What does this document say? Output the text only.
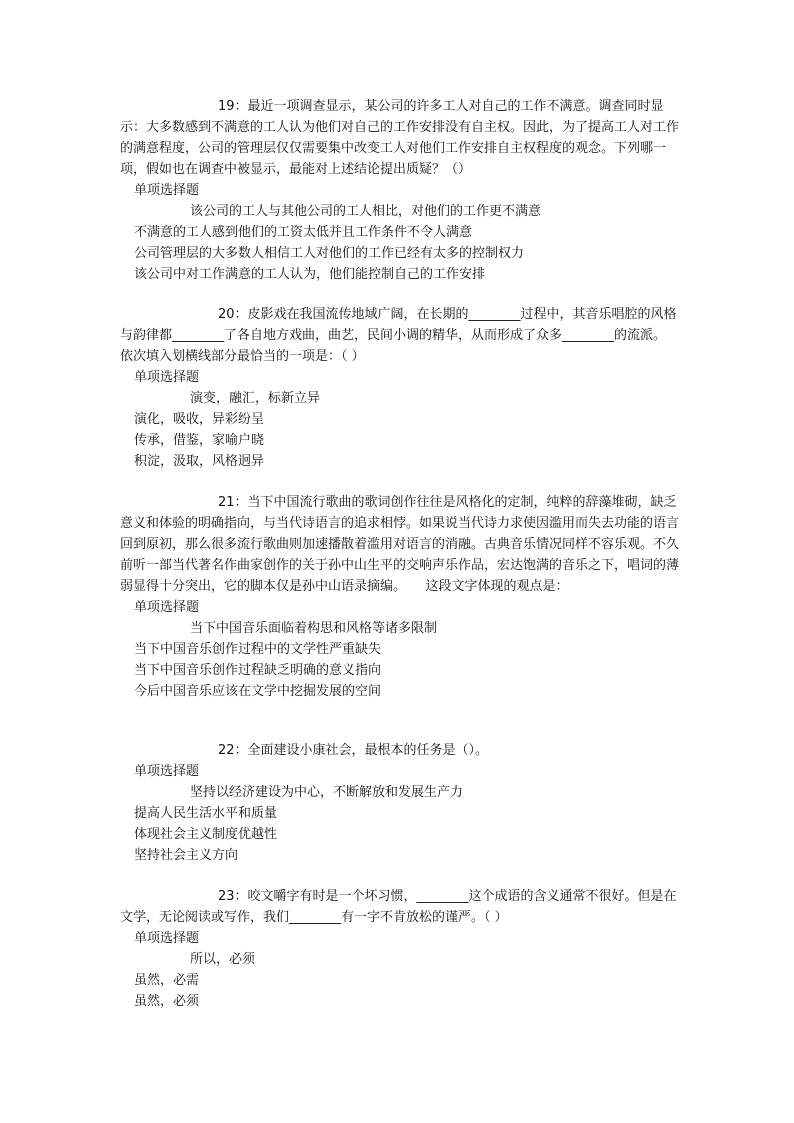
19：最近一项调查显示，某公司的许多工人对自己的工作不满意。调查同时显示：大多数感到不满意的工人认为他们对自己的工作安排没有自主权。因此，为了提高工人对工作的满意程度，公司的管理层仅仅需要集中改变工人对他们工作安排自主权程度的观念。下列哪一项，假如也在调查中被显示，最能对上述结论提出质疑？（）

单项选择题

该公司的工人与其他公司的工人相比，对他们的工作更不满意

不满意的工人感到他们的工资太低并且工作条件不令人满意

公司管理层的大多数人相信工人对他们的工作已经有太多的控制权力

该公司中对工作满意的工人认为，他们能控制自己的工作安排

20：皮影戏在我国流传地域广阔，在长期的________过程中，其音乐唱腔的风格与韵律都________了各自地方戏曲，曲艺，民间小调的精华，从而形成了众多________的流派。　　依次填入划横线部分最恰当的一项是：（ ）

单项选择题

演变，融汇，标新立异

演化，吸收，异彩纷呈

传承，借鉴，家喻户晓

积淀，汲取，风格迥异

21：当下中国流行歌曲的歌词创作往往是风格化的定制，纯粹的辞藻堆砌，缺乏意义和体验的明确指向，与当代诗语言的追求相悖。如果说当代诗力求使因滥用而失去功能的语言回到原初，那么很多流行歌曲则加速播散着滥用对语言的消融。古典音乐情况同样不容乐观。不久前听一部当代著名作曲家创作的关于孙中山生平的交响声乐作品，宏达饱满的音乐之下，唱词的薄弱显得十分突出，它的脚本仅是孙中山语录摘编。　　这段文字体现的观点是：

单项选择题

当下中国音乐面临着构思和风格等诸多限制

当下中国音乐创作过程中的文学性严重缺失

当下中国音乐创作过程缺乏明确的意义指向

今后中国音乐应该在文学中挖掘发展的空间

22：全面建设小康社会，最根本的任务是（）。

单项选择题

坚持以经济建设为中心，不断解放和发展生产力

提高人民生活水平和质量

体现社会主义制度优越性

坚持社会主义方向

23：咬文嚼字有时是一个坏习惯，________这个成语的含义通常不很好。但是在文学，无论阅读或写作，我们________有一字不肯放松的谨严。（ ）

单项选择题

所以，必须

虽然，必需

虽然，必须
